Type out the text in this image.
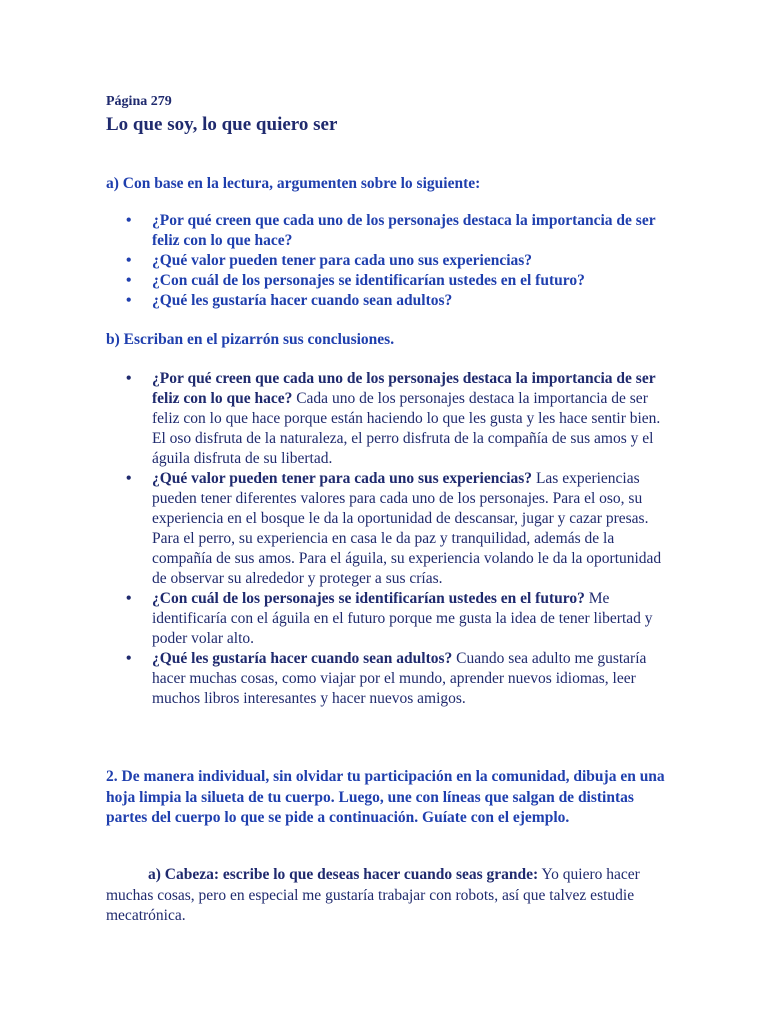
Página 279
Lo que soy, lo que quiero ser
a) Con base en la lectura, argumenten sobre lo siguiente:
• ¿Por qué creen que cada uno de los personajes destaca la importancia de ser feliz con lo que hace?
• ¿Qué valor pueden tener para cada uno sus experiencias?
• ¿Con cuál de los personajes se identificarían ustedes en el futuro?
• ¿Qué les gustaría hacer cuando sean adultos?
b) Escriban en el pizarrón sus conclusiones.
• ¿Por qué creen que cada uno de los personajes destaca la importancia de ser feliz con lo que hace? Cada uno de los personajes destaca la importancia de ser feliz con lo que hace porque están haciendo lo que les gusta y les hace sentir bien. El oso disfruta de la naturaleza, el perro disfruta de la compañía de sus amos y el águila disfruta de su libertad.
• ¿Qué valor pueden tener para cada uno sus experiencias? Las experiencias pueden tener diferentes valores para cada uno de los personajes. Para el oso, su experiencia en el bosque le da la oportunidad de descansar, jugar y cazar presas. Para el perro, su experiencia en casa le da paz y tranquilidad, además de la compañía de sus amos. Para el águila, su experiencia volando le da la oportunidad de observar su alrededor y proteger a sus crías.
• ¿Con cuál de los personajes se identificarían ustedes en el futuro? Me identificaría con el águila en el futuro porque me gusta la idea de tener libertad y poder volar alto.
• ¿Qué les gustaría hacer cuando sean adultos? Cuando sea adulto me gustaría hacer muchas cosas, como viajar por el mundo, aprender nuevos idiomas, leer muchos libros interesantes y hacer nuevos amigos.
2. De manera individual, sin olvidar tu participación en la comunidad, dibuja en una hoja limpia la silueta de tu cuerpo. Luego, une con líneas que salgan de distintas partes del cuerpo lo que se pide a continuación. Guíate con el ejemplo.
a) Cabeza: escribe lo que deseas hacer cuando seas grande: Yo quiero hacer muchas cosas, pero en especial me gustaría trabajar con robots, así que talvez estudie mecatrónica.
